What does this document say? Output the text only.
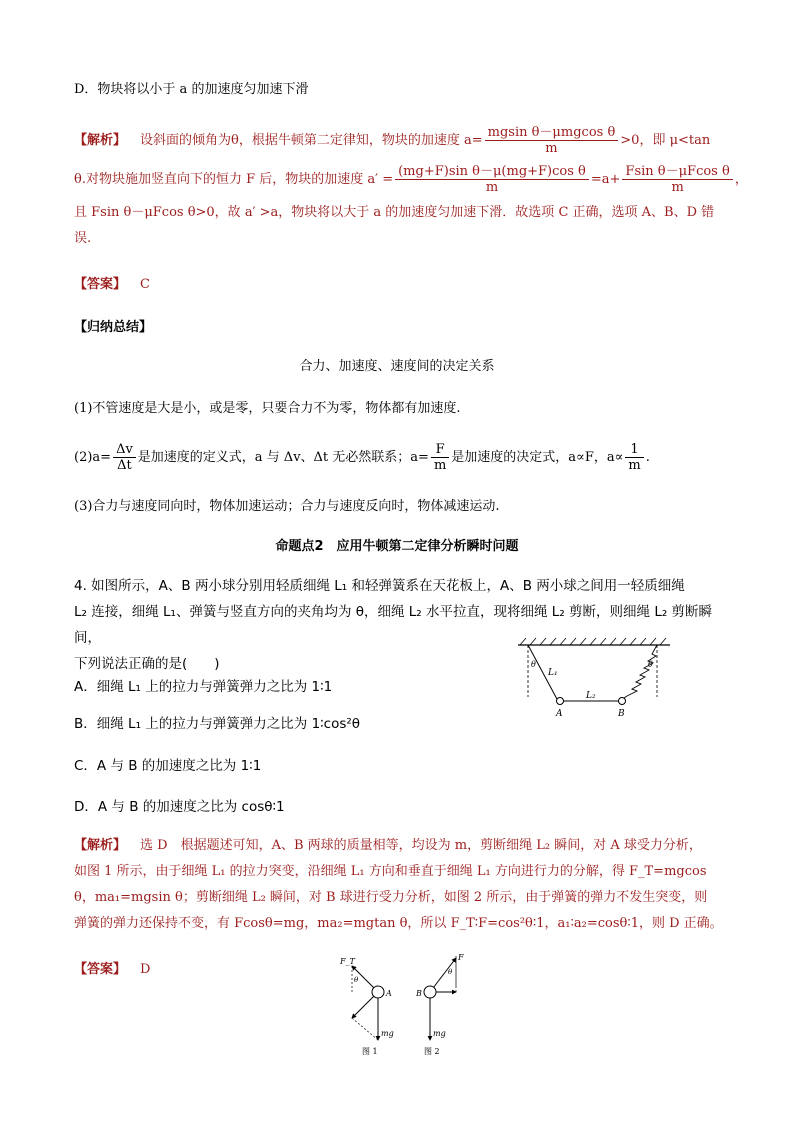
D．物块将以小于 a 的加速度匀加速下滑
【解析】 设斜面的倾角为θ，根据牛顿第二定律知，物块的加速度 $a= \frac{\text{mgsin θ－μmgcos θ}}{m} >0$，即 μ<tan
θ.对物块施加竖直向下的恒力 F 后，物块的加速度 $a' = \frac{\text{(mg+F)sin θ－μ(mg+F)cos θ}}{m} =a+ \frac{\text{Fsin θ－μFcos θ}}{m}$ ，
且 Fsin θ－μFcos θ>0，故 a′ >a，物块将以大于 a 的加速度匀加速下滑．故选项 C 正确，选项 A、B、D 错误.
【答案】 C
【归纳总结】
合力、加速度、速度间的决定关系
(1)不管速度是大是小，或是零，只要合力不为零，物体都有加速度.
$(2)a= \frac{\Delta v}{\Delta t}$ 是加速度的定义式，a 与 Δv、Δt 无必然联系；$a= \frac{F}{m}$ 是加速度的决定式，a∝F，$a\propto \frac{1}{m}$ .
(3)合力与速度同向时，物体加速运动；合力与速度反向时，物体减速运动.
命题点2　应用牛顿第二定律分析瞬时问题
4. 如图所示，A、B 两小球分别用轻质细绳 L₁ 和轻弹簧系在天花板上，A、B 两小球之间用一轻质细绳
L₂ 连接，细绳 L₁、弹簧与竖直方向的夹角均为 θ，细绳 L₂ 水平拉直，现将细绳 L₂ 剪断，则细绳 L₂ 剪断瞬间，
下列说法正确的是(　　)
A．细绳 L₁ 上的拉力与弹簧弹力之比为 1∶1
B．细绳 L₁ 上的拉力与弹簧弹力之比为 1∶cos²θ
C．A 与 B 的加速度之比为 1∶1
D．A 与 B 的加速度之比为 cosθ∶1
θ	θ
L₁
L₂
A	B
【解析】 选 D　根据题述可知，A、B 两球的质量相等，均设为 m，剪断细绳 L₂ 瞬间，对 A 球受力分析，
如图 1 所示，由于细绳 L₁ 的拉力突变，沿细绳 L₁ 方向和垂直于细绳 L₁ 方向进行力的分解，得 F_T=mgcos
θ，ma₁=mgsin θ；剪断细绳 L₂ 瞬间，对 B 球进行受力分析，如图 2 所示，由于弹簧的弹力不发生突变，则
弹簧的弹力还保持不变，有 Fcosθ=mg，ma₂=mgtan θ，所以 F_T∶F=cos²θ∶1，a₁∶a₂=cosθ∶1，则 D 正确。
【答案】 D
F_T
θ
A
mg
图 1
F
θ
B
mg
图 2
